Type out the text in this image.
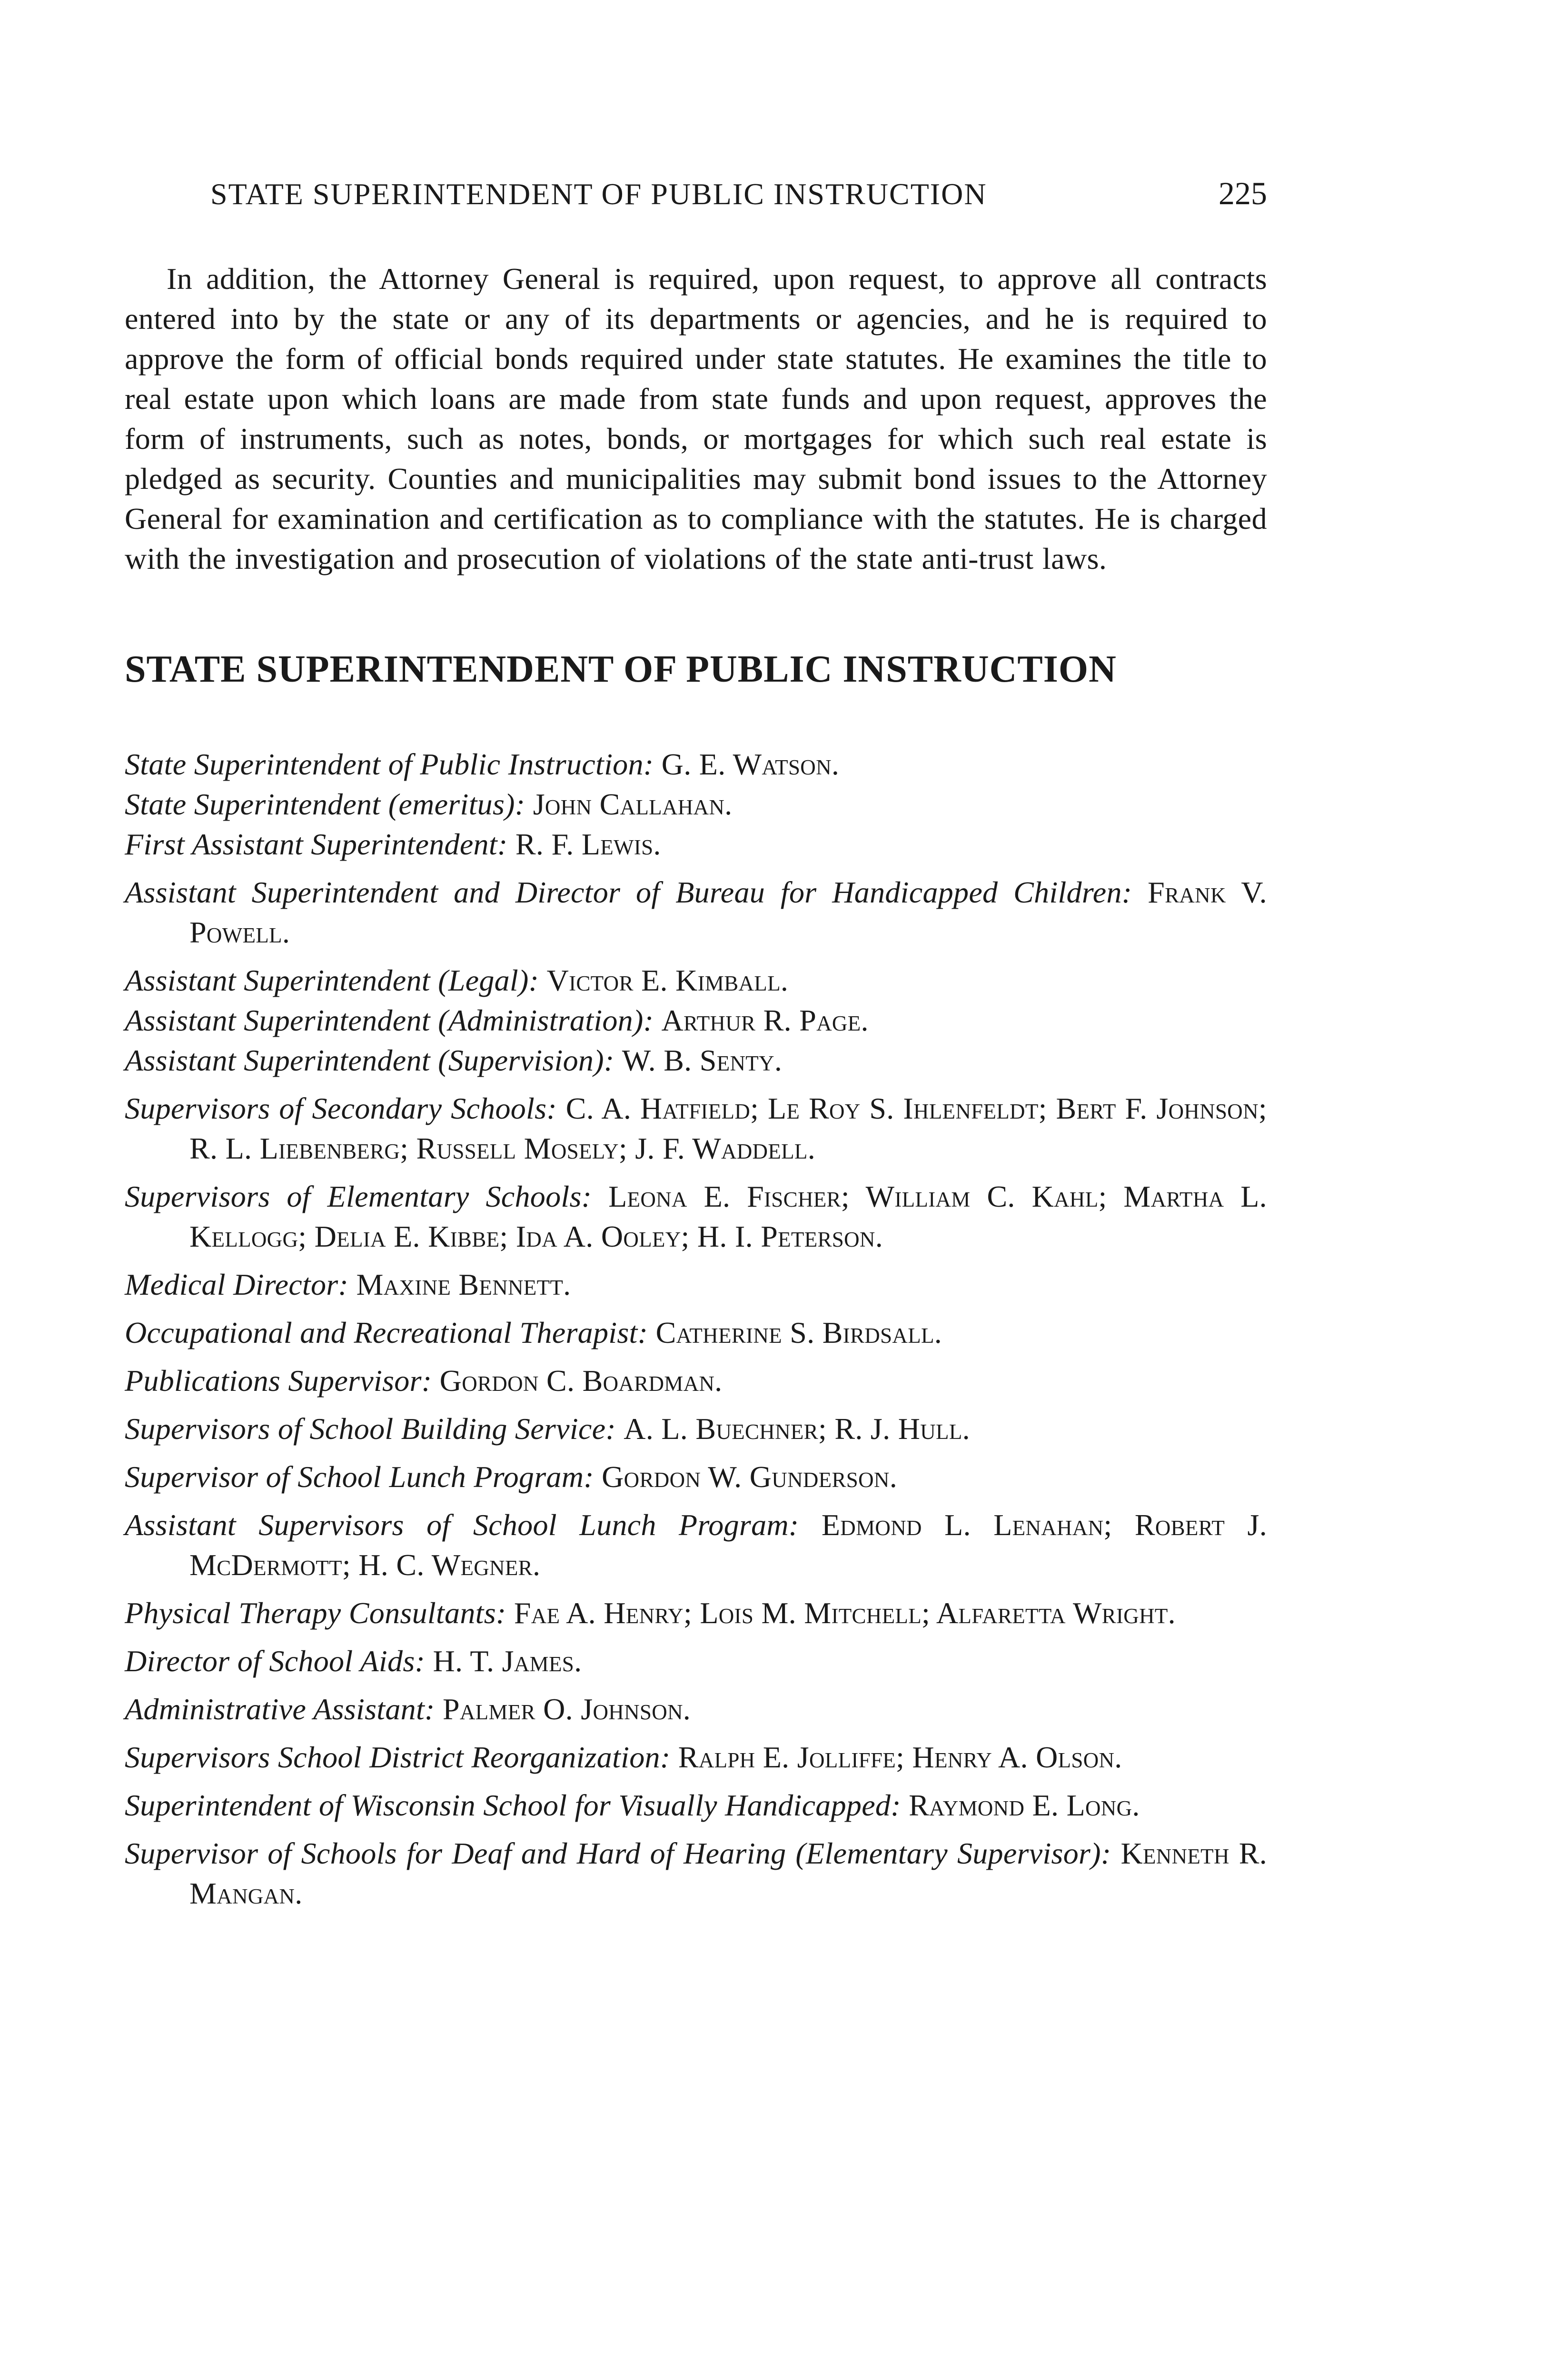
STATE SUPERINTENDENT OF PUBLIC INSTRUCTION	225

In addition, the Attorney General is required, upon request, to approve all contracts entered into by the state or any of its departments or agencies, and he is required to approve the form of official bonds required under state statutes. He examines the title to real estate upon which loans are made from state funds and upon request, approves the form of instruments, such as notes, bonds, or mortgages for which such real estate is pledged as security. Counties and municipalities may submit bond issues to the Attorney General for examination and certification as to compliance with the statutes. He is charged with the investigation and prosecution of violations of the state anti-trust laws.

STATE SUPERINTENDENT OF PUBLIC INSTRUCTION
State Superintendent of Public Instruction: G. E. Watson.
State Superintendent (emeritus): John Callahan.
First Assistant Superintendent: R. F. Lewis.
Assistant Superintendent and Director of Bureau for Handicapped Children: Frank V. Powell.
Assistant Superintendent (Legal): Victor E. Kimball.
Assistant Superintendent (Administration): Arthur R. Page.
Assistant Superintendent (Supervision): W. B. Senty.
Supervisors of Secondary Schools: C. A. Hatfield; Le Roy S. Ihlenfeldt; Bert F. Johnson; R. L. Liebenberg; Russell Mosely; J. F. Waddell.
Supervisors of Elementary Schools: Leona E. Fischer; William C. Kahl; Martha L. Kellogg; Delia E. Kibbe; Ida A. Ooley; H. I. Peterson.
Medical Director: Maxine Bennett.
Occupational and Recreational Therapist: Catherine S. Birdsall.
Publications Supervisor: Gordon C. Boardman.
Supervisors of School Building Service: A. L. Buechner; R. J. Hull.
Supervisor of School Lunch Program: Gordon W. Gunderson.
Assistant Supervisors of School Lunch Program: Edmond L. Lenahan; Robert J. McDermott; H. C. Wegner.
Physical Therapy Consultants: Fae A. Henry; Lois M. Mitchell; Alfaretta Wright.
Director of School Aids: H. T. James.
Administrative Assistant: Palmer O. Johnson.
Supervisors School District Reorganization: Ralph E. Jolliffe; Henry A. Olson.
Superintendent of Wisconsin School for Visually Handicapped: Raymond E. Long.
Supervisor of Schools for Deaf and Hard of Hearing (Elementary Supervisor): Kenneth R. Mangan.
